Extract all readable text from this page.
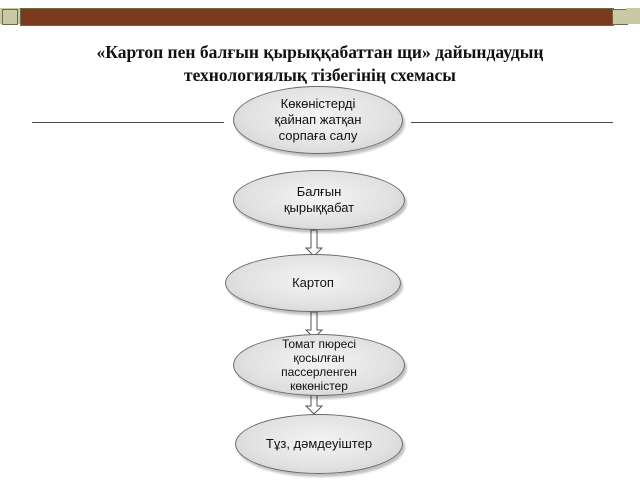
«Картоп пен балғын қырыққабаттан щи» дайындаудың

технологиялық тізбегінің схемасы
Көкөністерді қайнап жатқан сорпаға салу
Балғын қырыққабат
Картоп
Томат пюресі қосылған пассерленген көкөністер
Тұз, дәмдеуіштер
